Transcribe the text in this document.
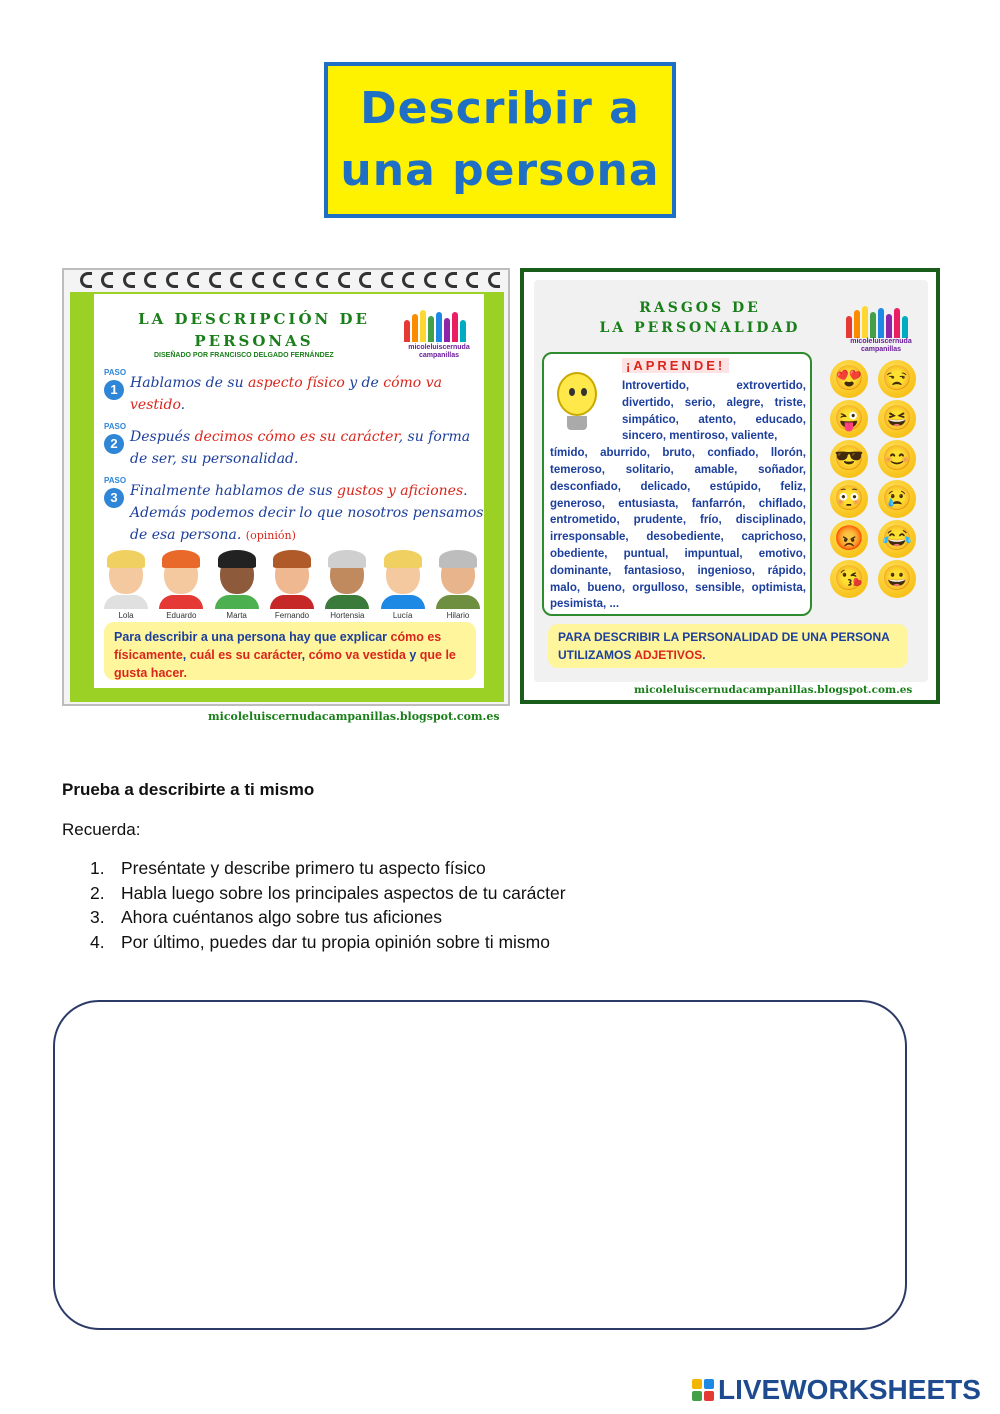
Describir a
una persona
LA DESCRIPCIÓN DE PERSONAS
DISEÑADO POR FRANCISCO DELGADO FERNÁNDEZ
micoleluiscernuda campanillas
PASO
1 Hablamos de su aspecto físico y de cómo va vestido.
PASO
2 Después decimos cómo es su carácter, su forma de ser, su personalidad.
PASO
3 Finalmente hablamos de sus gustos y aficiones. Además podemos decir lo que nosotros pensamos de esa persona. (opinión)
Lola	Eduardo	Marta	Fernando	Hortensia	Lucía	Hilario
Para describir a una persona hay que explicar cómo es físicamente, cuál es su carácter, cómo va vestida y que le gusta hacer.
micoleluiscernudacampanillas.blogspot.com.es
RASGOS DE
LA PERSONALIDAD
micoleluiscernuda campanillas
¡APRENDE!
Introvertido, extrovertido, divertido, serio, alegre, triste, simpático, atento, educado, sincero, mentiroso, valiente,
tímido, aburrido, bruto, confiado, llorón, temeroso, solitario, amable, soñador, desconfiado, delicado, estúpido, feliz, generoso, entusiasta, fanfarrón, chiflado, entrometido, prudente, frío, disciplinado, irresponsable, desobediente, caprichoso, obediente, puntual, impuntual, emotivo, dominante, fantasioso, ingenioso, rápido, malo, bueno, orgulloso, sensible, optimista, pesimista, ...
😍 😒
😜 😆
😎 😊
😳 😢
😡 😂
😘 😀
PARA DESCRIBIR LA PERSONALIDAD DE UNA PERSONA UTILIZAMOS ADJETIVOS.
micoleluiscernudacampanillas.blogspot.com.es
Prueba a describirte a ti mismo
Recuerda:
1. Preséntate y describe primero tu aspecto físico
2. Habla luego sobre los principales aspectos de tu carácter
3. Ahora cuéntanos algo sobre tus aficiones
4. Por último, puedes dar tu propia opinión sobre ti mismo
LIVEWORKSHEETS
